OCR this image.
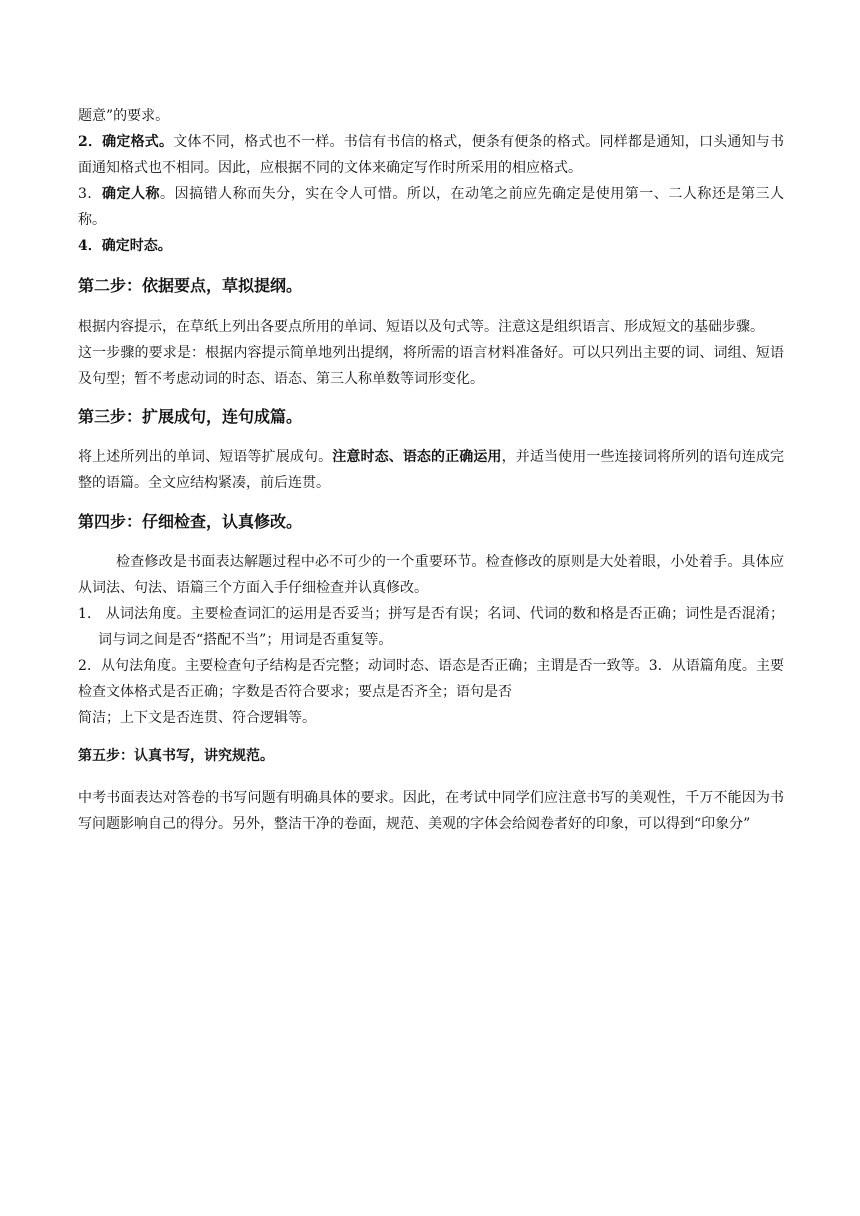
题意”的要求。

2．确定格式。文体不同，格式也不一样。书信有书信的格式，便条有便条的格式。同样都是通知，口头通知与书面通知格式也不相同。因此，应根据不同的文体来确定写作时所采用的相应格式。

3．确定人称。因搞错人称而失分，实在令人可惜。所以，在动笔之前应先确定是使用第一、二人称还是第三人称。

4．确定时态。

第二步：依据要点，草拟提纲。

根据内容提示，在草纸上列出各要点所用的单词、短语以及句式等。注意这是组织语言、形成短文的基础步骤。

这一步骤的要求是：根据内容提示简单地列出提纲，将所需的语言材料准备好。可以只列出主要的词、词组、短语及句型；暂不考虑动词的时态、语态、第三人称单数等词形变化。

第三步：扩展成句，连句成篇。

将上述所列出的单词、短语等扩展成句。注意时态、语态的正确运用，并适当使用一些连接词将所列的语句连成完整的语篇。全文应结构紧凑，前后连贯。

第四步：仔细检查，认真修改。

检查修改是书面表达解题过程中必不可少的一个重要环节。检查修改的原则是大处着眼，小处着手。具体应从词法、句法、语篇三个方面入手仔细检查并认真修改。

1． 从词法角度。主要检查词汇的运用是否妥当；拼写是否有误；名词、代词的数和格是否正确；词性是否混淆；词与词之间是否“搭配不当”；用词是否重复等。

2．从句法角度。主要检查句子结构是否完整；动词时态、语态是否正确；主谓是否一致等。3．从语篇角度。主要检查文体格式是否正确；字数是否符合要求；要点是否齐全；语句是否

简洁；上下文是否连贯、符合逻辑等。

第五步：认真书写，讲究规范。

中考书面表达对答卷的书写问题有明确具体的要求。因此，在考试中同学们应注意书写的美观性，千万不能因为书写问题影响自己的得分。另外，整洁干净的卷面，规范、美观的字体会给阅卷者好的印象，可以得到“印象分”
